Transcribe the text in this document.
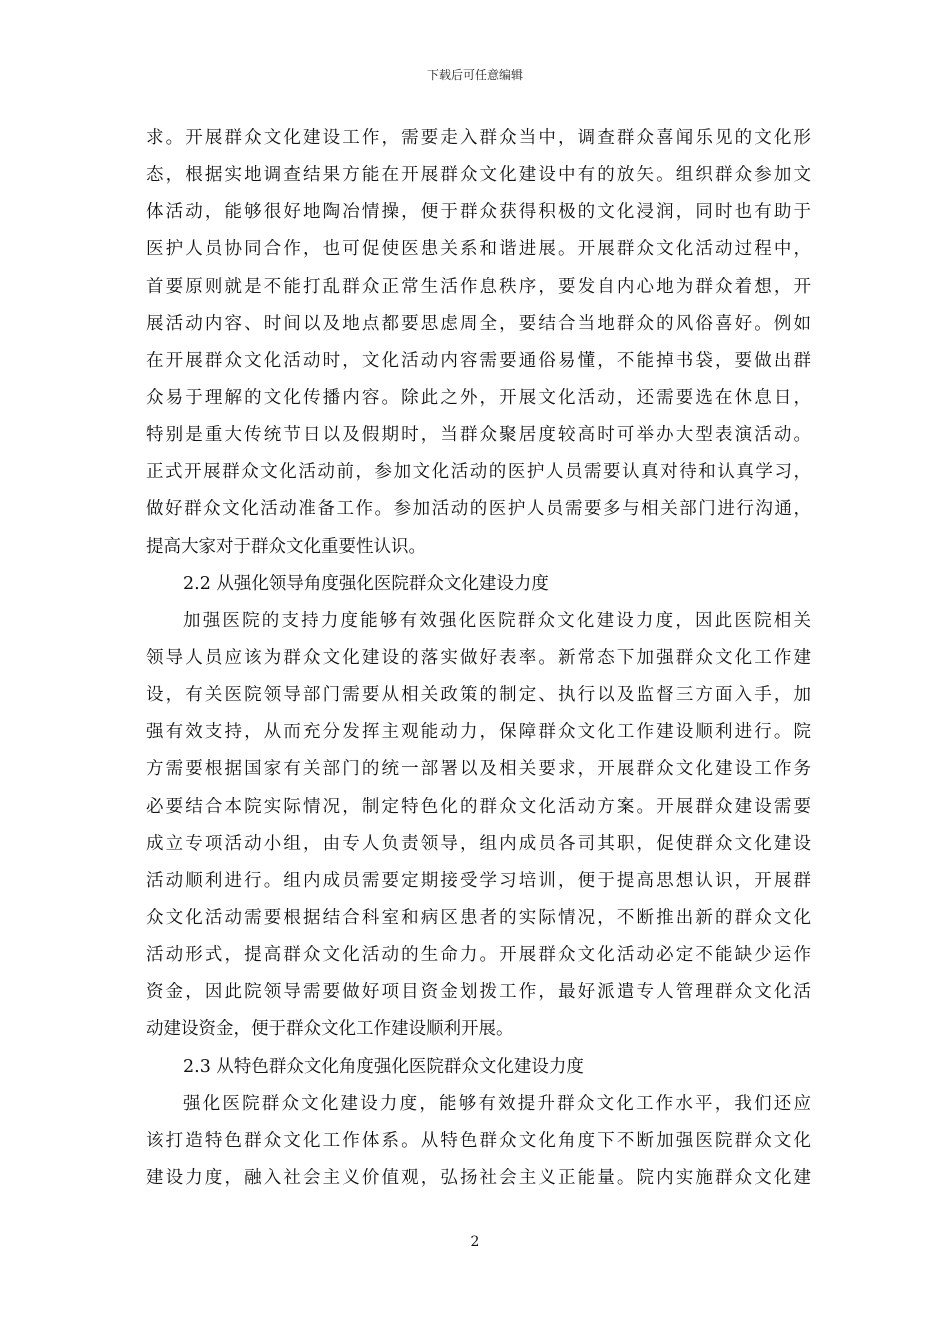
下载后可任意编辑
求。开展群众文化建设工作，需要走入群众当中，调查群众喜闻乐见的文化形
态，根据实地调查结果方能在开展群众文化建设中有的放矢。组织群众参加文
体活动，能够很好地陶冶情操，便于群众获得积极的文化浸润，同时也有助于
医护人员协同合作，也可促使医患关系和谐进展。开展群众文化活动过程中，
首要原则就是不能打乱群众正常生活作息秩序，要发自内心地为群众着想，开
展活动内容、时间以及地点都要思虑周全，要结合当地群众的风俗喜好。例如
在开展群众文化活动时，文化活动内容需要通俗易懂，不能掉书袋，要做出群
众易于理解的文化传播内容。除此之外，开展文化活动，还需要选在休息日，
特别是重大传统节日以及假期时，当群众聚居度较高时可举办大型表演活动。
正式开展群众文化活动前，参加文化活动的医护人员需要认真对待和认真学习，
做好群众文化活动准备工作。参加活动的医护人员需要多与相关部门进行沟通，
提高大家对于群众文化重要性认识。
2.2 从强化领导角度强化医院群众文化建设力度
加强医院的支持力度能够有效强化医院群众文化建设力度，因此医院相关
领导人员应该为群众文化建设的落实做好表率。新常态下加强群众文化工作建
设，有关医院领导部门需要从相关政策的制定、执行以及监督三方面入手，加
强有效支持，从而充分发挥主观能动力，保障群众文化工作建设顺利进行。院
方需要根据国家有关部门的统一部署以及相关要求，开展群众文化建设工作务
必要结合本院实际情况，制定特色化的群众文化活动方案。开展群众建设需要
成立专项活动小组，由专人负责领导，组内成员各司其职，促使群众文化建设
活动顺利进行。组内成员需要定期接受学习培训，便于提高思想认识，开展群
众文化活动需要根据结合科室和病区患者的实际情况，不断推出新的群众文化
活动形式，提高群众文化活动的生命力。开展群众文化活动必定不能缺少运作
资金，因此院领导需要做好项目资金划拨工作，最好派遣专人管理群众文化活
动建设资金，便于群众文化工作建设顺利开展。
2.3 从特色群众文化角度强化医院群众文化建设力度
强化医院群众文化建设力度，能够有效提升群众文化工作水平，我们还应
该打造特色群众文化工作体系。从特色群众文化角度下不断加强医院群众文化
建设力度，融入社会主义价值观，弘扬社会主义正能量。院内实施群众文化建
2
